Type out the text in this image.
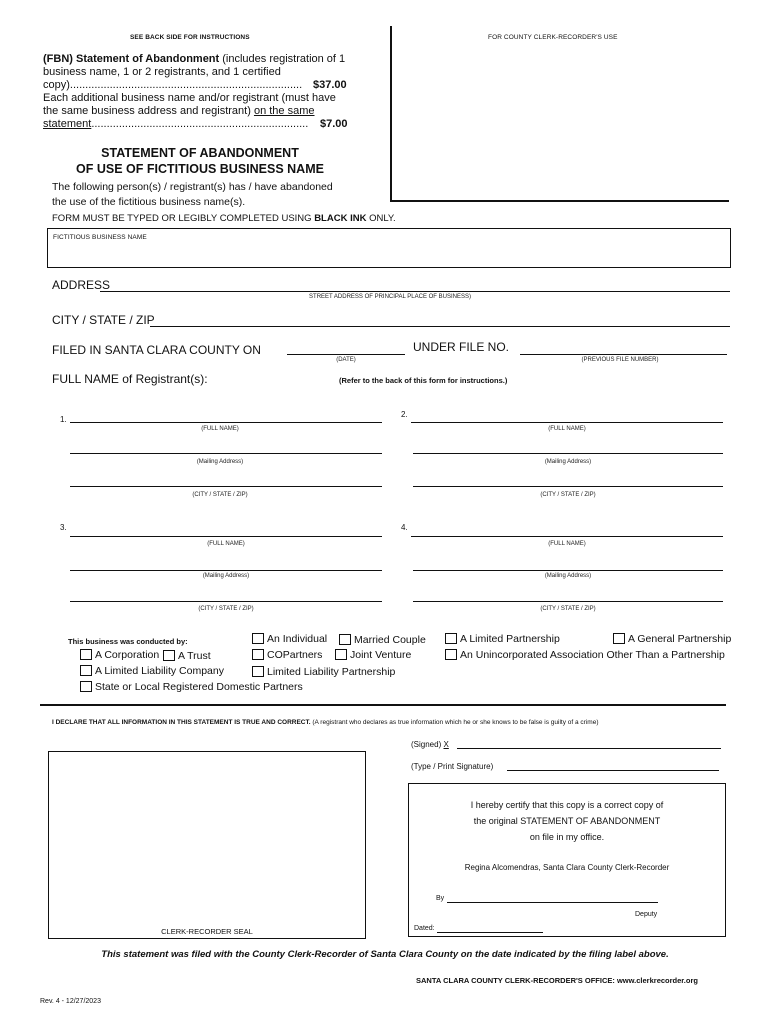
SEE BACK SIDE FOR INSTRUCTIONS	FOR COUNTY CLERK-RECORDER'S USE
(FBN) Statement of Abandonment (includes registration of 1
business name, 1 or 2 registrants, and 1 certified
copy)............................................................................ $37.00
Each additional business name and/or registrant (must have
the same business address and registrant) on the same
statement.......................................................................	$7.00
STATEMENT OF ABANDONMENT
OF USE OF FICTITIOUS BUSINESS NAME
The following person(s) / registrant(s) has / have abandoned
the use of the fictitious business name(s).
FORM MUST BE TYPED OR LEGIBLY COMPLETED USING BLACK INK ONLY.
FICTITIOUS BUSINESS NAME
ADDRESS
STREET ADDRESS OF PRINCIPAL PLACE OF BUSINESS)
CITY / STATE / ZIP
FILED IN SANTA CLARA COUNTY ON
(DATE)
UNDER FILE NO.
(PREVIOUS FILE NUMBER)
FULL NAME of Registrant(s):	(Refer to the back of this form for instructions.)
1.
(FULL NAME)
(Mailing Address)
(CITY / STATE / ZIP)
2.
(FULL NAME)
(Mailing Address)
(CITY / STATE / ZIP)
3.
(FULL NAME)
(Mailing Address)
(CITY / STATE / ZIP)
4.
(FULL NAME)
(Mailing Address)
(CITY / STATE / ZIP)
This business was conducted by:	An Individual	Married Couple	A Limited Partnership	A General Partnership
A Corporation	A Trust	COPartners	Joint Venture	An Unincorporated Association Other Than a Partnership
A Limited Liability Company	Limited Liability Partnership
State or Local Registered Domestic Partners
I DECLARE THAT ALL INFORMATION IN THIS STATEMENT IS TRUE AND CORRECT. (A registrant who declares as true information which he or she knows to be false is guilty of a crime)
(Signed) X
(Type / Print Signature)
CLERK-RECORDER SEAL
I hereby certify that this copy is a correct copy of
the original STATEMENT OF ABANDONMENT
on file in my office.
Regina Alcomendras, Santa Clara County Clerk-Recorder
By
Deputy
Dated:
This statement was filed with the County Clerk-Recorder of Santa Clara County on the date indicated by the filing label above.
SANTA CLARA COUNTY CLERK-RECORDER'S OFFICE: www.clerkrecorder.org
Rev. 4 - 12/27/2023
